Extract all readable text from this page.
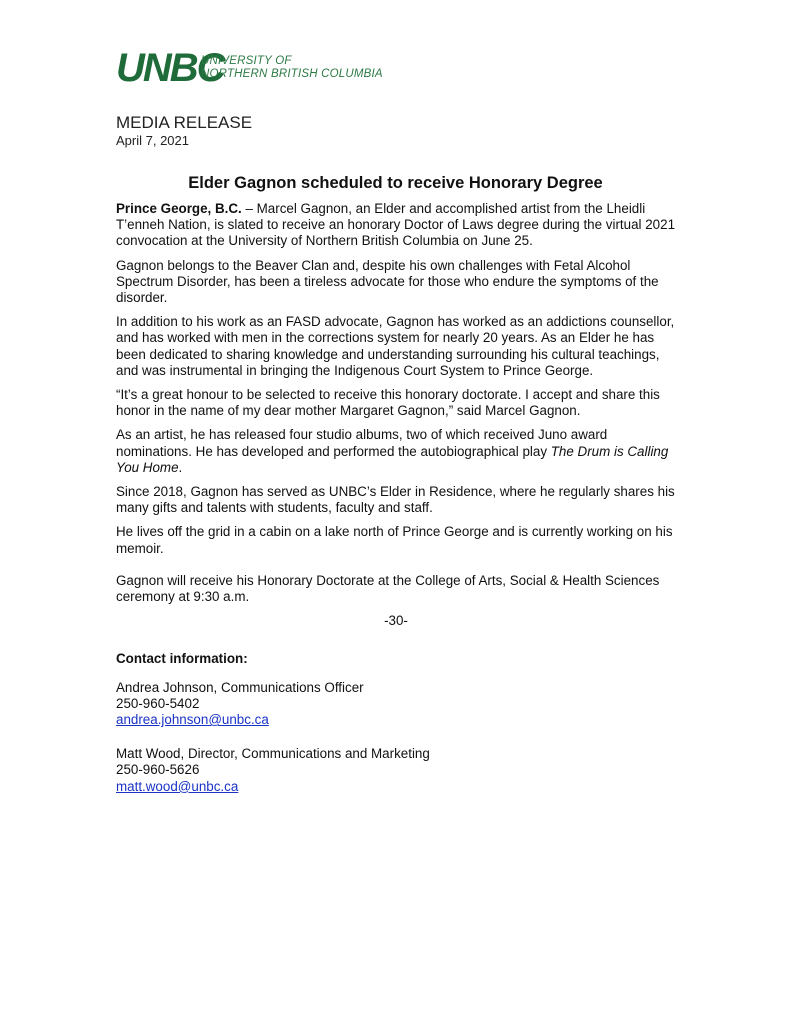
UNBC
UNIVERSITY OF
NORTHERN BRITISH COLUMBIA
MEDIA RELEASE
April 7, 2021
Elder Gagnon scheduled to receive Honorary Degree

Prince George, B.C. – Marcel Gagnon, an Elder and accomplished artist from the Lheidli T’enneh Nation, is slated to receive an honorary Doctor of Laws degree during the virtual 2021 convocation at the University of Northern British Columbia on June 25.

Gagnon belongs to the Beaver Clan and, despite his own challenges with Fetal Alcohol Spectrum Disorder, has been a tireless advocate for those who endure the symptoms of the disorder.

In addition to his work as an FASD advocate, Gagnon has worked as an addictions counsellor, and has worked with men in the corrections system for nearly 20 years. As an Elder he has been dedicated to sharing knowledge and understanding surrounding his cultural teachings, and was instrumental in bringing the Indigenous Court System to Prince George.

“It’s a great honour to be selected to receive this honorary doctorate. I accept and share this honor in the name of my dear mother Margaret Gagnon,” said Marcel Gagnon.

As an artist, he has released four studio albums, two of which received Juno award nominations. He has developed and performed the autobiographical play The Drum is Calling You Home.

Since 2018, Gagnon has served as UNBC’s Elder in Residence, where he regularly shares his many gifts and talents with students, faculty and staff.

He lives off the grid in a cabin on a lake north of Prince George and is currently working on his memoir.

Gagnon will receive his Honorary Doctorate at the College of Arts, Social & Health Sciences ceremony at 9:30 a.m.

-30-
Contact information:
Andrea Johnson, Communications Officer
250-960-5402
andrea.johnson@unbc.ca
Matt Wood, Director, Communications and Marketing
250-960-5626
matt.wood@unbc.ca
